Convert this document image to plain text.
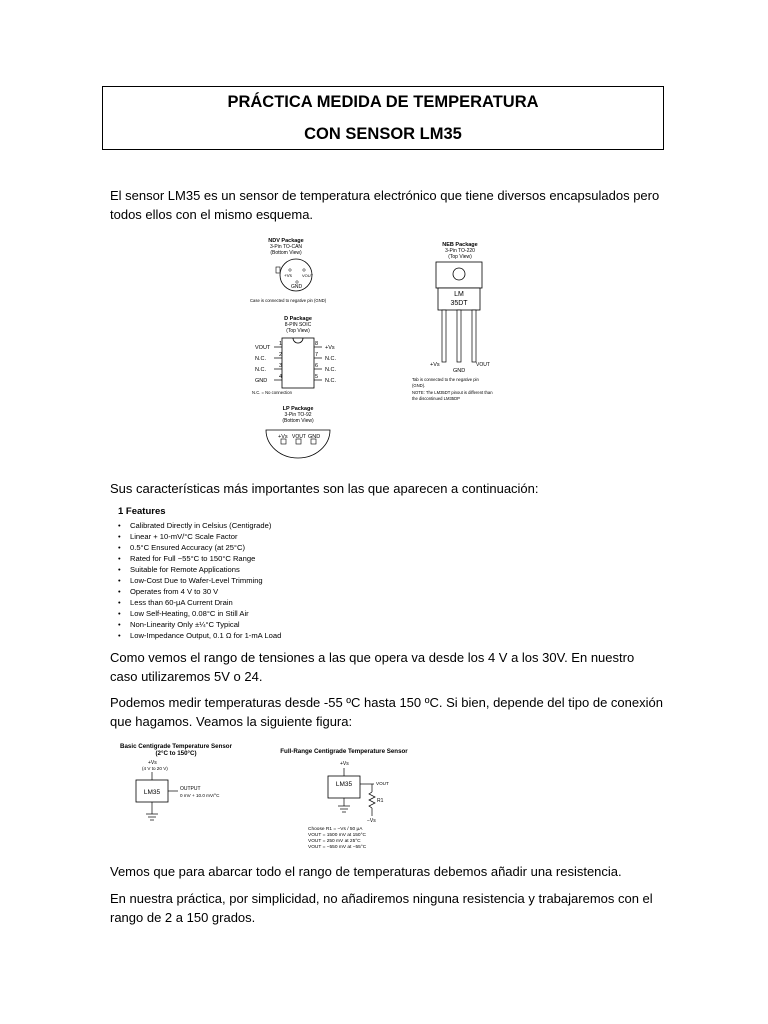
PRÁCTICA MEDIDA DE TEMPERATURA
CON SENSOR LM35
El sensor LM35 es un sensor de temperatura electrónico que tiene diversos encapsulados pero todos ellos con el mismo esquema.
NDV Package
3-Pin TO-CAN
(Bottom View)
+Vs	VOUT
GND
Case is connected to negative pin (GND)
D Package
8-PIN SOIC
(Top View)
VOUT
N.C.
N.C.
GND
1
2
3
4
8
7
6
5
+Vs
N.C.
N.C.
N.C.
N.C. = No connection
LP Package
3-Pin TO-92
(Bottom View)
+Vs VOUT GND
NEB Package
3-Pin TO-220
(Top View)
LM
35DT
+Vs
GND
VOUT
Tab is connected to the negative pin
(GND).
NOTE: The LM35DT pinout is different than
the discontinued LM35DP
Sus características más importantes son las que aparecen a continuación:
1 Features
• Calibrated Directly in Celsius (Centigrade)
• Linear + 10-mV/°C Scale Factor
• 0.5°C Ensured Accuracy (at 25°C)
• Rated for Full −55°C to 150°C Range
• Suitable for Remote Applications
• Low-Cost Due to Wafer-Level Trimming
• Operates from 4 V to 30 V
• Less than 60-μA Current Drain
• Low Self-Heating, 0.08°C in Still Air
• Non-Linearity Only ±¼°C Typical
• Low-Impedance Output, 0.1 Ω for 1-mA Load
Como vemos el rango de tensiones a las que opera va desde los 4 V a los 30V. En nuestro caso utilizaremos 5V o 24.
Podemos medir temperaturas desde -55 ºC hasta 150 ºC. Si bien, depende del tipo de conexión que hagamos. Veamos la siguiente figura:
Basic Centigrade Temperature Sensor
(2°C to 150°C)
+Vs
(4 V to 20 V)
LM35	OUTPUT
0 mV + 10.0 mV/°C
Full-Range Centigrade Temperature Sensor
+Vs
LM35	VOUT
R1
−Vs
Choose R1 = −Vs / 50 μA
VOUT = 1500 mV at 150°C
VOUT = 250 mV at 25°C
VOUT = −550 mV at −55°C
Vemos que para abarcar todo el rango de temperaturas debemos añadir una resistencia.
En nuestra práctica, por simplicidad, no añadiremos ninguna resistencia y trabajaremos con el rango de 2 a 150 grados.
